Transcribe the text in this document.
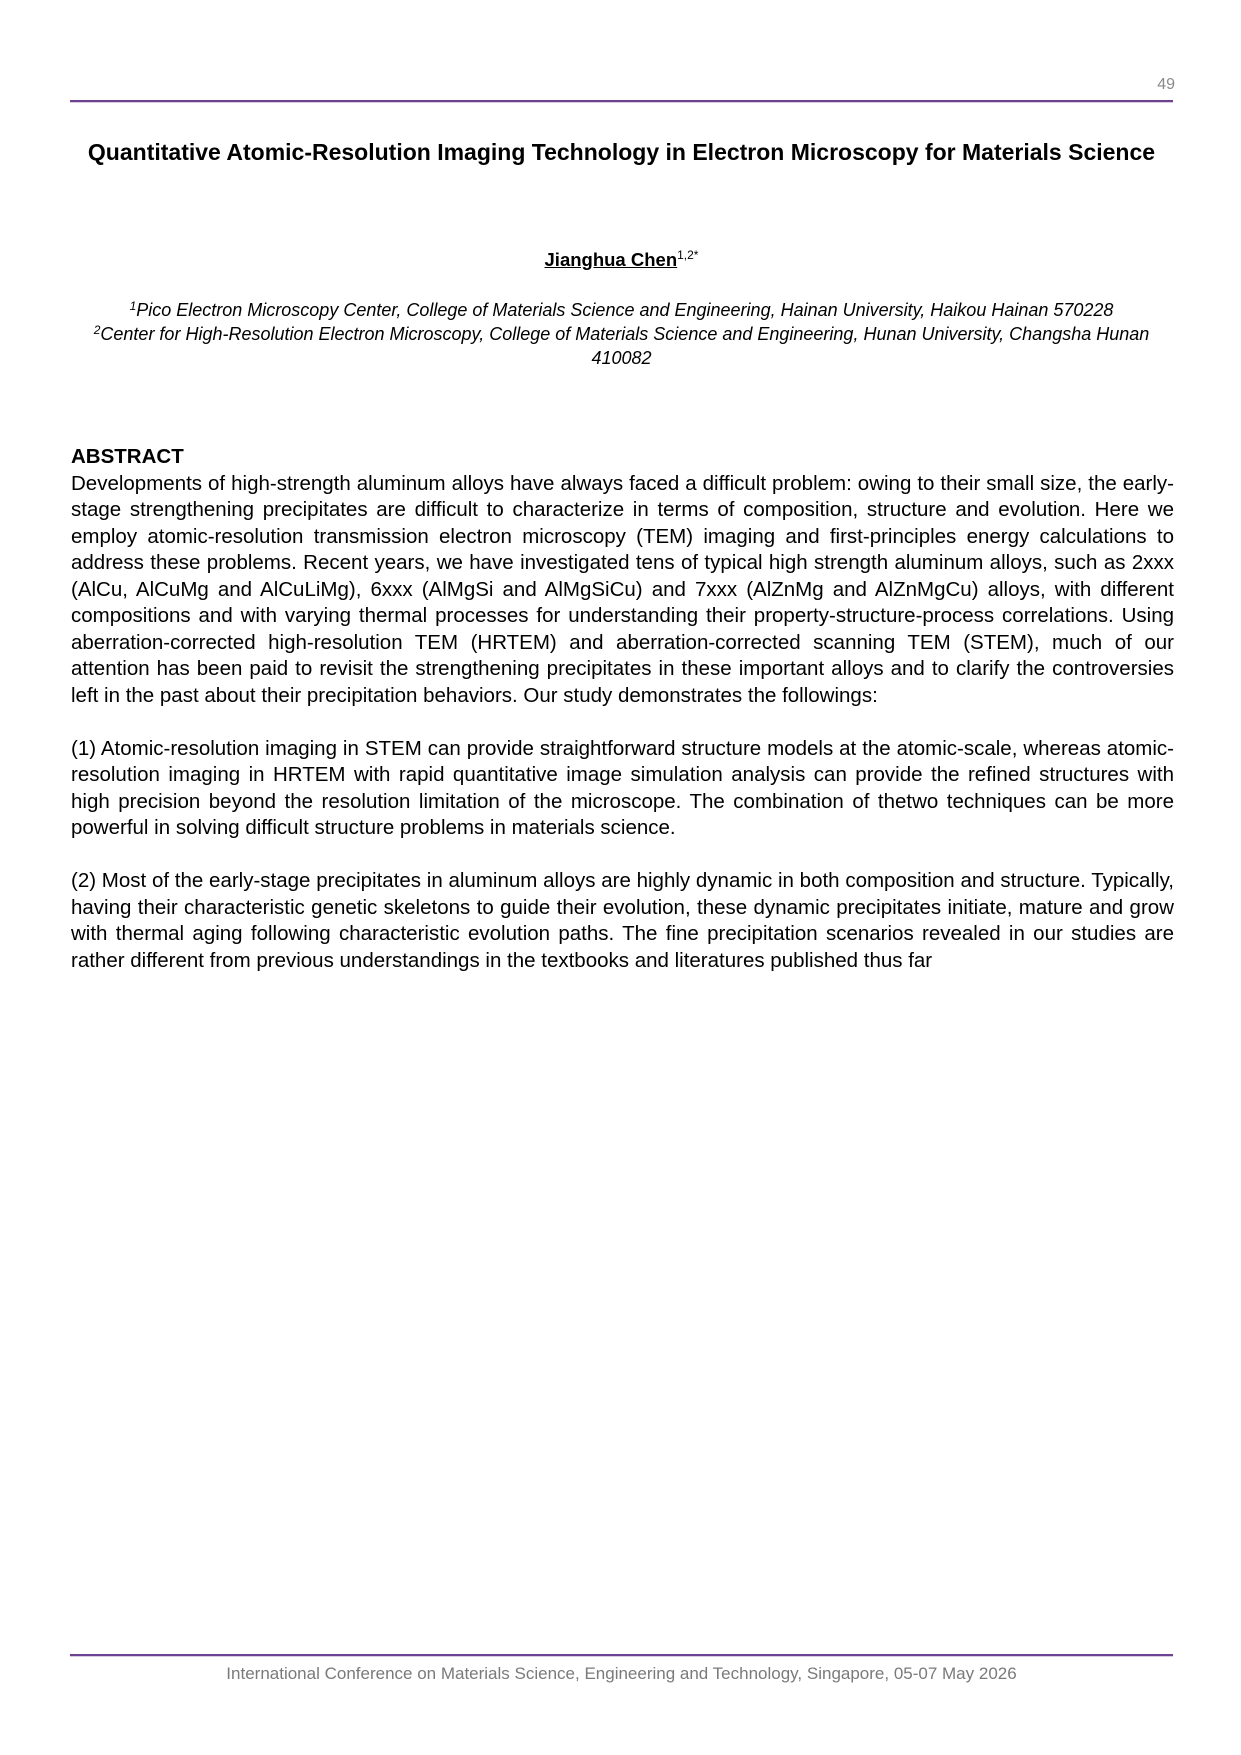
49
Quantitative Atomic-Resolution Imaging Technology in Electron Microscopy for Materials Science
Jianghua Chen$^{1,2*}$

$^1$Pico Electron Microscopy Center, College of Materials Science and Engineering, Hainan University, Haikou Hainan 570228

$^2$Center for High-Resolution Electron Microscopy, College of Materials Science and Engineering, Hunan University, Changsha Hunan 410082

ABSTRACT

Developments of high-strength aluminum alloys have always faced a difficult problem: owing to their small size, the early-stage strengthening precipitates are difficult to characterize in terms of composition, structure and evolution. Here we employ atomic-resolution transmission electron microscopy (TEM) imaging and first-principles energy calculations to address these problems. Recent years, we have investigated tens of typical high strength aluminum alloys, such as 2xxx (AlCu, AlCuMg and AlCuLiMg), 6xxx (AlMgSi and AlMgSiCu) and 7xxx (AlZnMg and AlZnMgCu) alloys, with different compositions and with varying thermal processes for understanding their property-structure-process correlations. Using aberration-corrected high-resolution TEM (HRTEM) and aberration-corrected scanning TEM (STEM), much of our attention has been paid to revisit the strengthening precipitates in these important alloys and to clarify the controversies left in the past about their precipitation behaviors. Our study demonstrates the followings:

(1) Atomic-resolution imaging in STEM can provide straightforward structure models at the atomic-scale, whereas atomic-resolution imaging in HRTEM with rapid quantitative image simulation analysis can provide the refined structures with high precision beyond the resolution limitation of the microscope. The combination of thetwo techniques can be more powerful in solving difficult structure problems in materials science.

(2) Most of the early-stage precipitates in aluminum alloys are highly dynamic in both composition and structure. Typically, having their characteristic genetic skeletons to guide their evolution, these dynamic precipitates initiate, mature and grow with thermal aging following characteristic evolution paths. The fine precipitation scenarios revealed in our studies are rather different from previous understandings in the textbooks and literatures published thus far

International Conference on Materials Science, Engineering and Technology, Singapore, 05-07 May 2026
